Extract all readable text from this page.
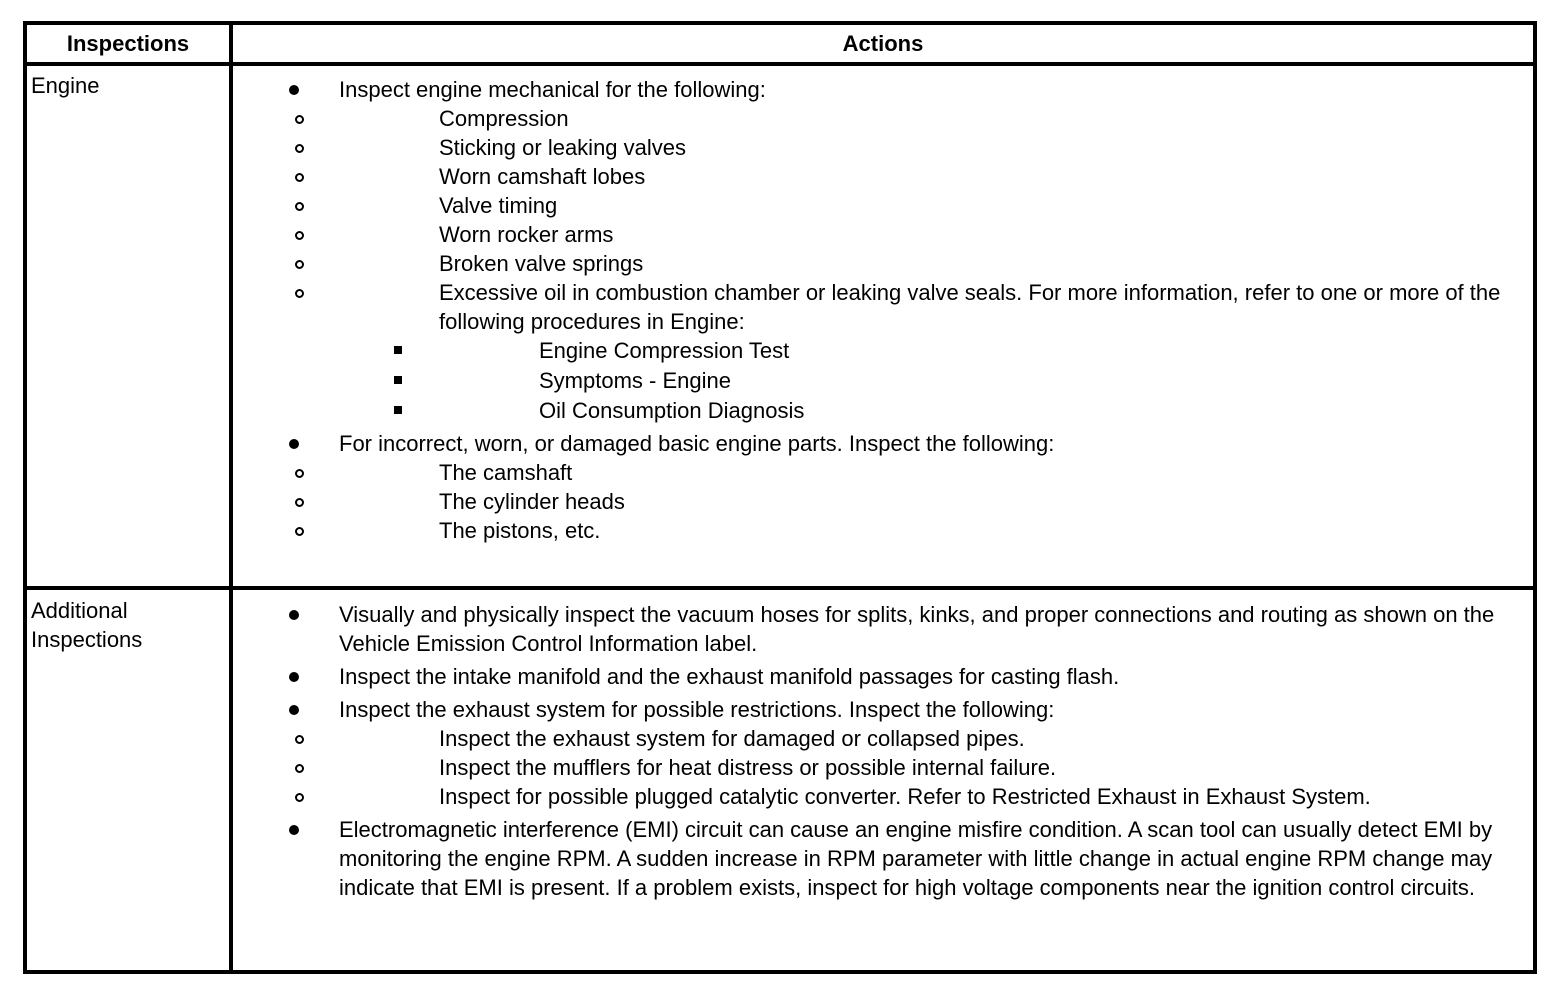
Inspections	Actions
Engine	Inspect engine mechanical for the following:
Compression
Sticking or leaking valves
Worn camshaft lobes
Valve timing
Worn rocker arms
Broken valve springs
Excessive oil in combustion chamber or leaking valve seals. For more information, refer to one or more of the following procedures in Engine:
Engine Compression Test
Symptoms - Engine
Oil Consumption Diagnosis
For incorrect, worn, or damaged basic engine parts. Inspect the following:
The camshaft
The cylinder heads
The pistons, etc.
Additional Inspections
Visually and physically inspect the vacuum hoses for splits, kinks, and proper connections and routing as shown on the Vehicle Emission Control Information label.
Inspect the intake manifold and the exhaust manifold passages for casting flash.
Inspect the exhaust system for possible restrictions. Inspect the following:
Inspect the exhaust system for damaged or collapsed pipes.
Inspect the mufflers for heat distress or possible internal failure.
Inspect for possible plugged catalytic converter. Refer to Restricted Exhaust in Exhaust System.
Electromagnetic interference (EMI) circuit can cause an engine misfire condition. A scan tool can usually detect EMI by monitoring the engine RPM. A sudden increase in RPM parameter with little change in actual engine RPM change may indicate that EMI is present. If a problem exists, inspect for high voltage components near the ignition control circuits.
